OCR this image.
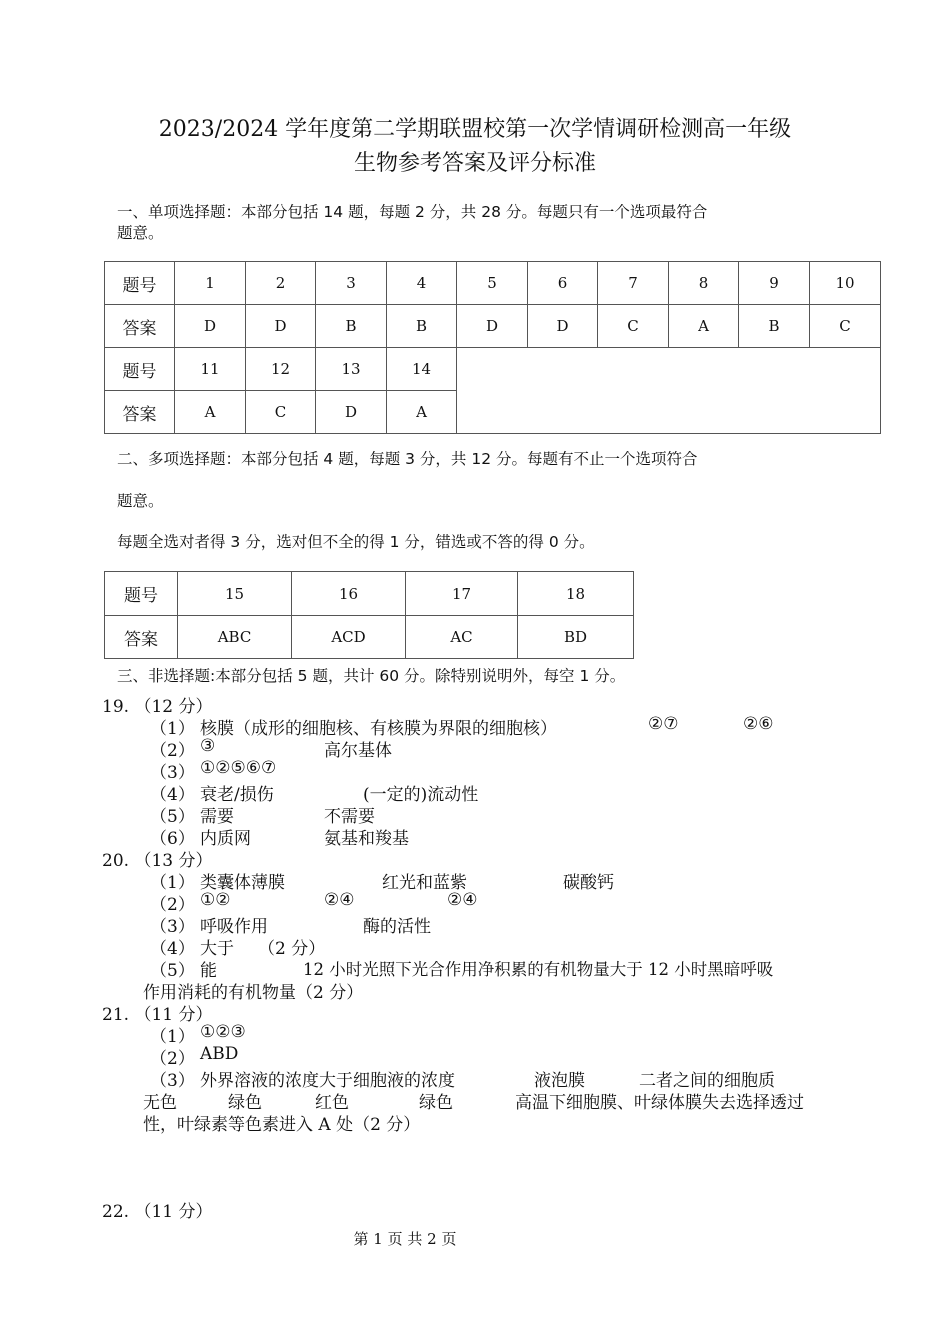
2023/2024 学年度第二学期联盟校第一次学情调研检测高一年级
生物参考答案及评分标准
一、单项选择题：本部分包括 14 题，每题 2 分，共 28 分。每题只有一个选项最符合
题意。
题号	1	2	3	4	5	6	7	8	9	10
答案	D	D	B	B	D	D	C	A	B	C
题号	11	12	13	14						
答案	A	C	D	A						
二、多项选择题：本部分包括 4 题，每题 3 分，共 12 分。每题有不止一个选项符合
题意。
每题全选对者得 3 分，选对但不全的得 1 分，错选或不答的得 0 分。
题号	15	16	17	18
答案	ABC	ACD	AC	BD
三、非选择题:本部分包括 5 题，共计 60 分。除特别说明外，每空 1 分。
19. （12 分）
（1） 核膜（成形的细胞核、有核膜为界限的细胞核）	②⑦	②⑥
（2） ③	高尔基体
（3） ①②⑤⑥⑦
（4） 衰老/损伤	(一定的)流动性
（5） 需要	不需要
（6） 内质网	氨基和羧基
20. （13 分）
（1） 类囊体薄膜	红光和蓝紫	碳酸钙
（2） ①②	②④	②④
（3） 呼吸作用	酶的活性
（4） 大于 （2 分）
（5） 能	12 小时光照下光合作用净积累的有机物量大于 12 小时黑暗呼吸
作用消耗的有机物量（2 分）
21. （11 分）
（1） ①②③
（2） ABD
（3） 外界溶液的浓度大于细胞液的浓度	液泡膜	二者之间的细胞质
无色	绿色	红色	绿色	高温下细胞膜、叶绿体膜失去选择透过
性，叶绿素等色素进入 A 处（2 分）
22. （11 分）
第 1 页 共 2 页
